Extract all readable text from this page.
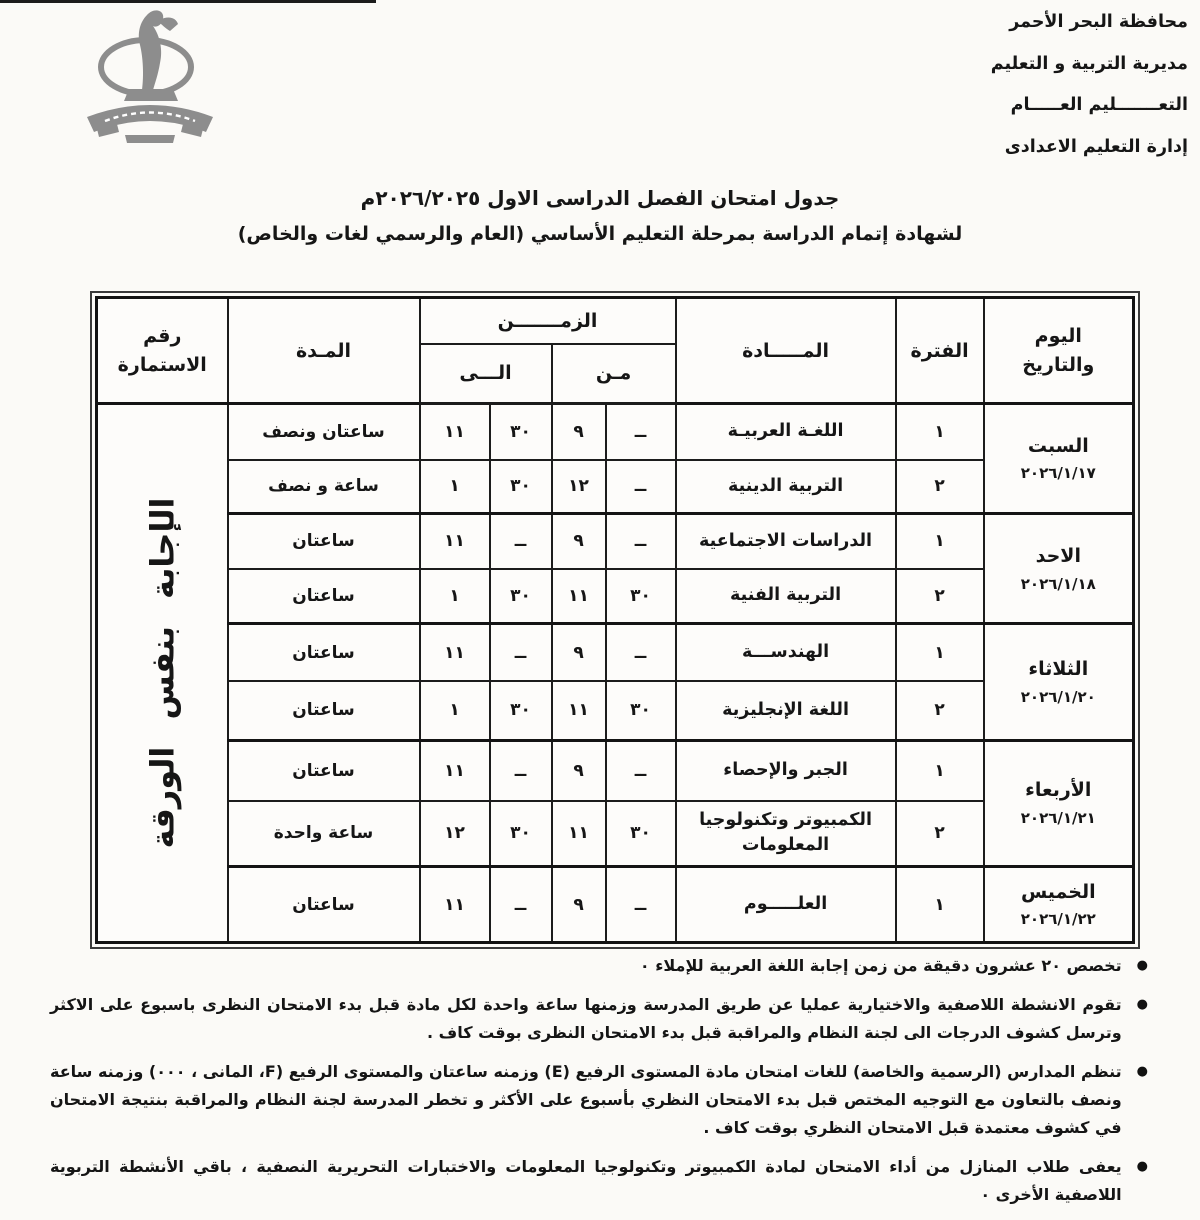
محافظة البحر الأحمر
مديرية التربية و التعليم
التعـــــــليم العـــــام
إدارة التعليم الاعدادى
جدول امتحان الفصل الدراسى الاول ٢٠٢٦/٢٠٢٥م
لشهادة إتمام الدراسة بمرحلة التعليم الأساسي (العام والرسمي لغات والخاص)
اليوم والتاريخ	الفترة	المـــــادة	الزمـــــــن				المـدة	رقم الاستمارة
			مـن		الـــى			

السبت
٢٠٢٦/١/١٧	١	اللغـة العربيـة	ــ	٩	٣٠	١١	ساعتان ونصف	الإجابة بنفس الورقة

	٢	التربية الدينية	ــ	١٢	٣٠	١	ساعة و نصف	

الاحد
٢٠٢٦/١/١٨	١	الدراسات الاجتماعية	ــ	٩	ــ	١١	ساعتان	
	٢	التربية الفنية	٣٠	١١	٣٠	١	ساعتان	

الثلاثاء
٢٠٢٦/١/٢٠	١	الهندســـة	ــ	٩	ــ	١١	ساعتان	
	٢	اللغة الإنجليزية	٣٠	١١	٣٠	١	ساعتان	

الأربعاء
٢٠٢٦/١/٢١	١	الجبر والإحصاء	ــ	٩	ــ	١١	ساعتان	
	٢	الكمبيوتر وتكنولوجيا المعلومات	٣٠	١١	٣٠	١٢	ساعة واحدة	

الخميس
٢٠٢٦/١/٢٢	١	العلـــــوم	ــ	٩	ــ	١١	ساعتان	
●
تخصص ٢٠ عشرون دقيقة من زمن إجابة اللغة العربية للإملاء ٠
●
تقوم الانشطة اللاصفية والاختيارية عمليا عن طريق المدرسة وزمنها ساعة واحدة لكل مادة قبل بدء الامتحان النظرى باسبوع على الاكثر وترسل كشوف الدرجات الى لجنة النظام والمراقبة قبل بدء الامتحان النظرى بوقت كاف .
●
تنظم المدارس (الرسمية والخاصة) للغات امتحان مادة المستوى الرفيع (E) وزمنه ساعتان والمستوى الرفيع (F، المانى ، ٠٠٠) وزمنه ساعة ونصف بالتعاون مع التوجيه المختص قبل بدء الامتحان النظري بأسبوع على الأكثر و تخطر المدرسة لجنة النظام والمراقبة بنتيجة الامتحان في كشوف معتمدة قبل الامتحان النظري بوقت كاف .
●
يعفى طلاب المنازل من أداء الامتحان لمادة الكمبيوتر وتكنولوجيا المعلومات والاختبارات التحريرية النصفية ، باقي الأنشطة التربوية اللاصفية الأخرى ٠
